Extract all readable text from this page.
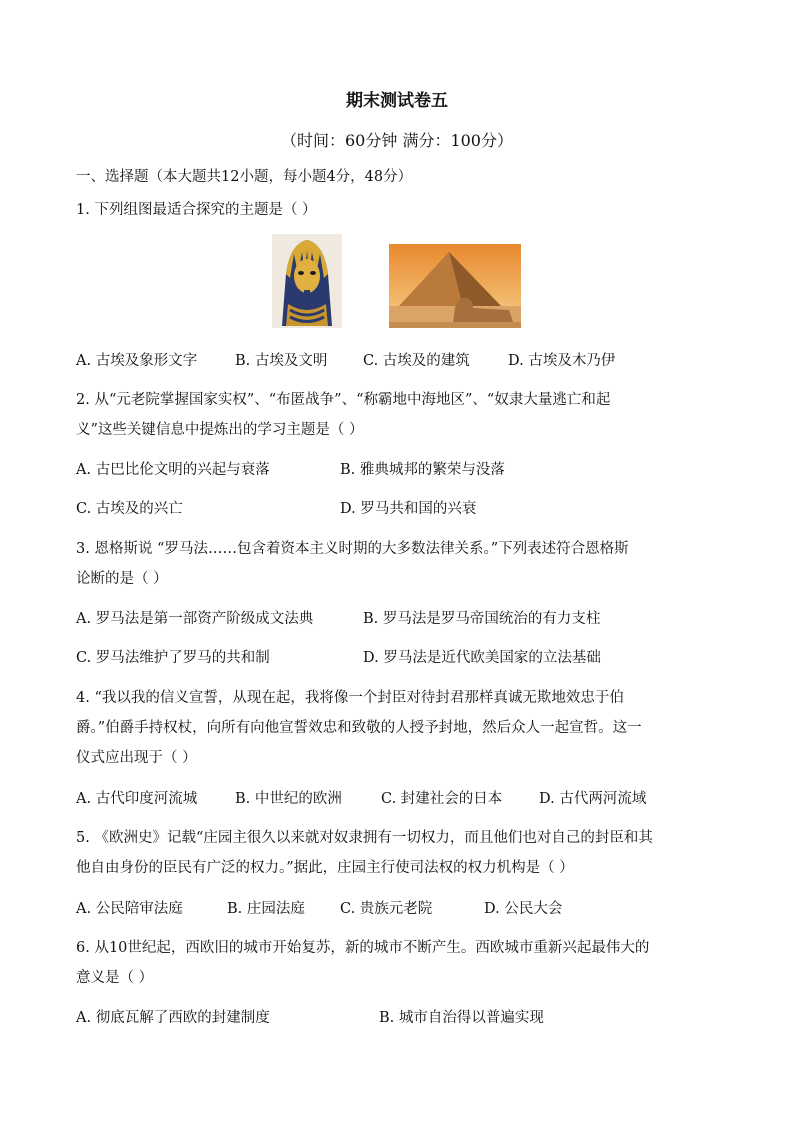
期末测试卷五
（时间：60分钟 满分：100分）
一、选择题（本大题共12小题，每小题4分，48分）
1. 下列组图最适合探究的主题是（ ）
A. 古埃及象形文字	B. 古埃及文明 C. 古埃及的建筑	D. 古埃及木乃伊
2. 从“元老院掌握国家实权”、“布匿战争”、“称霸地中海地区”、“奴隶大量逃亡和起
义”这些关键信息中提炼出的学习主题是（ ）
A. 古巴比伦文明的兴起与衰落	B. 雅典城邦的繁荣与没落
C. 古埃及的兴亡	D. 罗马共和国的兴衰
3. 恩格斯说 “罗马法……包含着资本主义时期的大多数法律关系。”下列表述符合恩格斯
论断的是（ ）
A. 罗马法是第一部资产阶级成文法典	B. 罗马法是罗马帝国统治的有力支柱
C. 罗马法维护了罗马的共和制	D. 罗马法是近代欧美国家的立法基础
4. “我以我的信义宣誓，从现在起，我将像一个封臣对待封君那样真诚无欺地效忠于伯
爵。”伯爵手持权杖，向所有向他宣誓效忠和致敬的人授予封地，然后众人一起宣哲。这一
仪式应出现于（ ）
A. 古代印度河流城	B. 中世纪的欧洲	C. 封建社会的日本	D. 古代两河流域
5. 《欧洲史》记载“庄园主很久以来就对奴隶拥有一切权力，而且他们也对自己的封臣和其
他自由身份的臣民有广泛的权力。”据此，庄园主行使司法权的权力机构是（ ）
A. 公民陪审法庭	B. 庄园法庭 C. 贵族元老院	D. 公民大会
6. 从10世纪起，西欧旧的城市开始复苏，新的城市不断产生。西欧城市重新兴起最伟大的
意义是（ ）
A. 彻底瓦解了西欧的封建制度	B. 城市自治得以普遍实现
